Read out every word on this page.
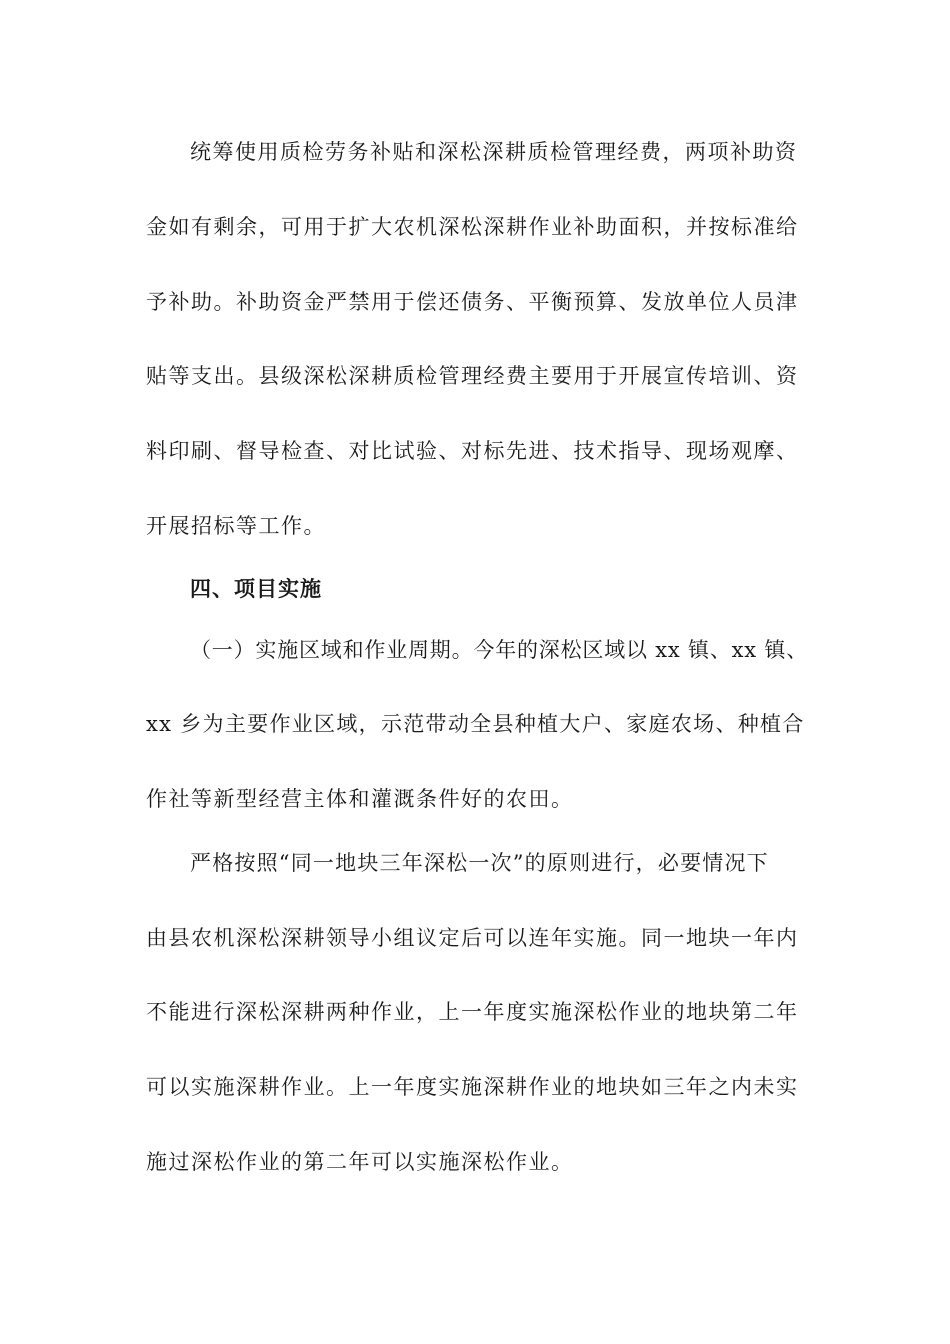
统筹使用质检劳务补贴和深松深耕质检管理经费，两项补助资
金如有剩余，可用于扩大农机深松深耕作业补助面积，并按标准给
予补助。补助资金严禁用于偿还债务、平衡预算、发放单位人员津
贴等支出。县级深松深耕质检管理经费主要用于开展宣传培训、资
料印刷、督导检查、对比试验、对标先进、技术指导、现场观摩、
开展招标等工作。
四、项目实施
（一）实施区域和作业周期。今年的深松区域以 xx 镇、xx 镇、
xx 乡为主要作业区域，示范带动全县种植大户、家庭农场、种植合
作社等新型经营主体和灌溉条件好的农田。
严格按照“同一地块三年深松一次”的原则进行，必要情况下
由县农机深松深耕领导小组议定后可以连年实施。同一地块一年内
不能进行深松深耕两种作业，上一年度实施深松作业的地块第二年
可以实施深耕作业。上一年度实施深耕作业的地块如三年之内未实
施过深松作业的第二年可以实施深松作业。
